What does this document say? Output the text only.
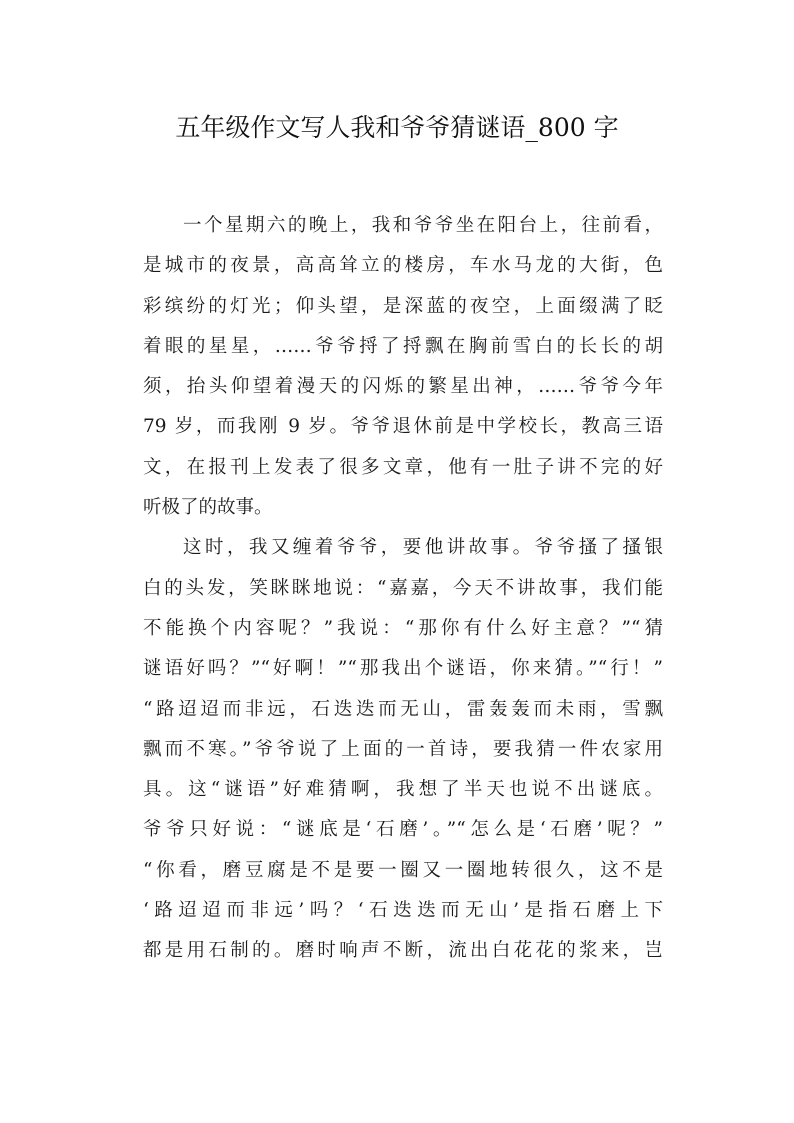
五年级作文写人我和爷爷猜谜语_800 字
一个星期六的晚上，我和爷爷坐在阳台上，往前看，
是城市的夜景，高高耸立的楼房，车水马龙的大街，色
彩缤纷的灯光；仰头望，是深蓝的夜空，上面缀满了眨
着眼的星星，……爷爷捋了捋飘在胸前雪白的长长的胡
须，抬头仰望着漫天的闪烁的繁星出神，……爷爷今年
79 岁，而我刚 9 岁。爷爷退休前是中学校长，教高三语
文，在报刊上发表了很多文章，他有一肚子讲不完的好
听极了的故事。
这时，我又缠着爷爷，要他讲故事。爷爷搔了搔银
白的头发，笑眯眯地说：“嘉嘉，今天不讲故事，我们能
不能换个内容呢？”我说：“那你有什么好主意？”“猜
谜语好吗？”“好啊！”“那我出个谜语，你来猜。”“行！”
“路迢迢而非远，石迭迭而无山，雷轰轰而未雨，雪飘
飘而不寒。”爷爷说了上面的一首诗，要我猜一件农家用
具。这“谜语”好难猜啊，我想了半天也说不出谜底。
爷爷只好说：“谜底是‘石磨’。”“怎么是‘石磨’呢？”
“你看，磨豆腐是不是要一圈又一圈地转很久，这不是
‘路迢迢而非远’吗？‘石迭迭而无山’是指石磨上下
都是用石制的。磨时响声不断，流出白花花的浆来，岂
